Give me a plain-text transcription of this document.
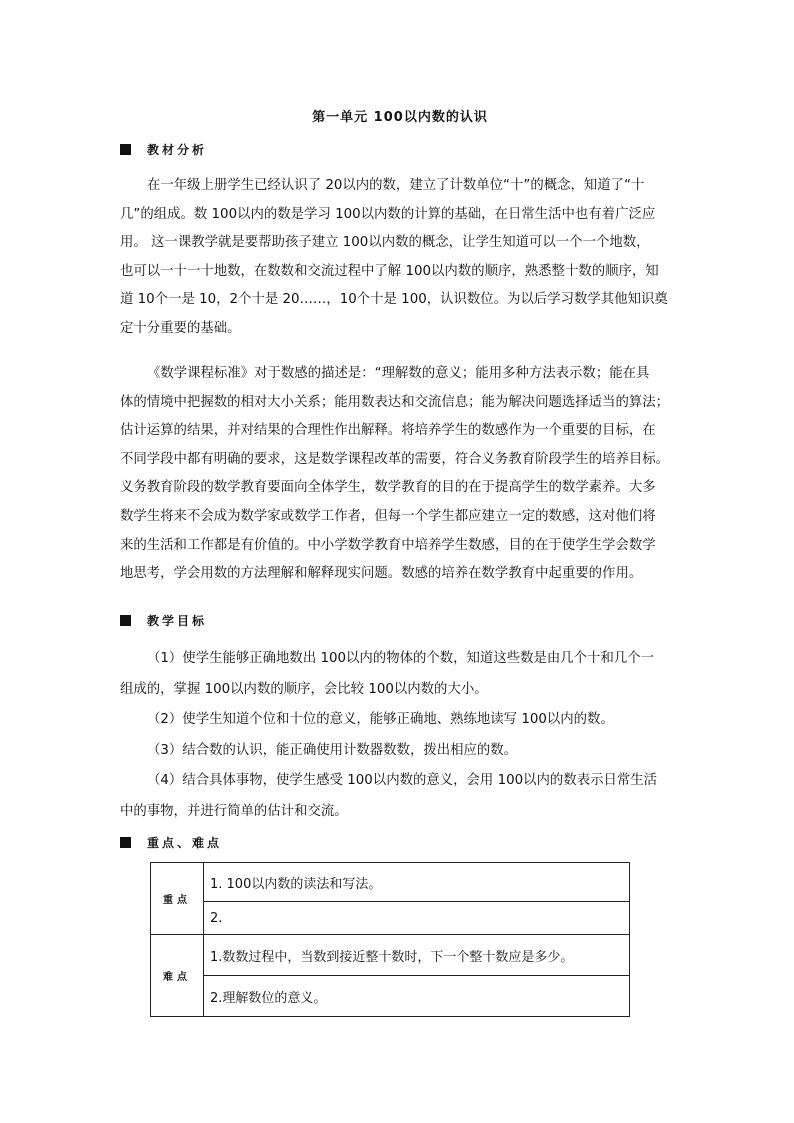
第一单元 100以内数的认识
教材分析
在一年级上册学生已经认识了 20以内的数，建立了计数单位“十”的概念，知道了“十
几”的组成。数 100以内的数是学习 100以内数的计算的基础，在日常生活中也有着广泛应
用。 这一课教学就是要帮助孩子建立 100以内数的概念，让学生知道可以一个一个地数，
也可以一十一十地数，在数数和交流过程中了解 100以内数的顺序，熟悉整十数的顺序，知
道 10个一是 10，2个十是 20……，10个十是 100，认识数位。为以后学习数学其他知识奠
定十分重要的基础。
《数学课程标准》对于数感的描述是：“理解数的意义；能用多种方法表示数；能在具
体的情境中把握数的相对大小关系；能用数表达和交流信息；能为解决问题选择适当的算法；
估计运算的结果，并对结果的合理性作出解释。将培养学生的数感作为一个重要的目标，在
不同学段中都有明确的要求，这是数学课程改革的需要，符合义务教育阶段学生的培养目标。
义务教育阶段的数学教育要面向全体学生，数学教育的目的在于提高学生的数学素养。大多
数学生将来不会成为数学家或数学工作者，但每一个学生都应建立一定的数感，这对他们将
来的生活和工作都是有价值的。中小学数学教育中培养学生数感，目的在于使学生学会数学
地思考，学会用数的方法理解和解释现实问题。数感的培养在数学教育中起重要的作用。
教学目标
（1）使学生能够正确地数出 100以内的物体的个数，知道这些数是由几个十和几个一
组成的，掌握 100以内数的顺序，会比较 100以内数的大小。
（2）使学生知道个位和十位的意义，能够正确地、熟练地读写 100以内的数。
（3）结合数的认识，能正确使用计数器数数，拨出相应的数。
（4）结合具体事物，使学生感受 100以内数的意义，会用 100以内的数表示日常生活
中的事物，并进行简单的估计和交流。
重点、难点
重点	1. 100以内数的读法和写法。
	2.
难点	1.数数过程中，当数到接近整十数时，下一个整十数应是多少。
	2.理解数位的意义。
